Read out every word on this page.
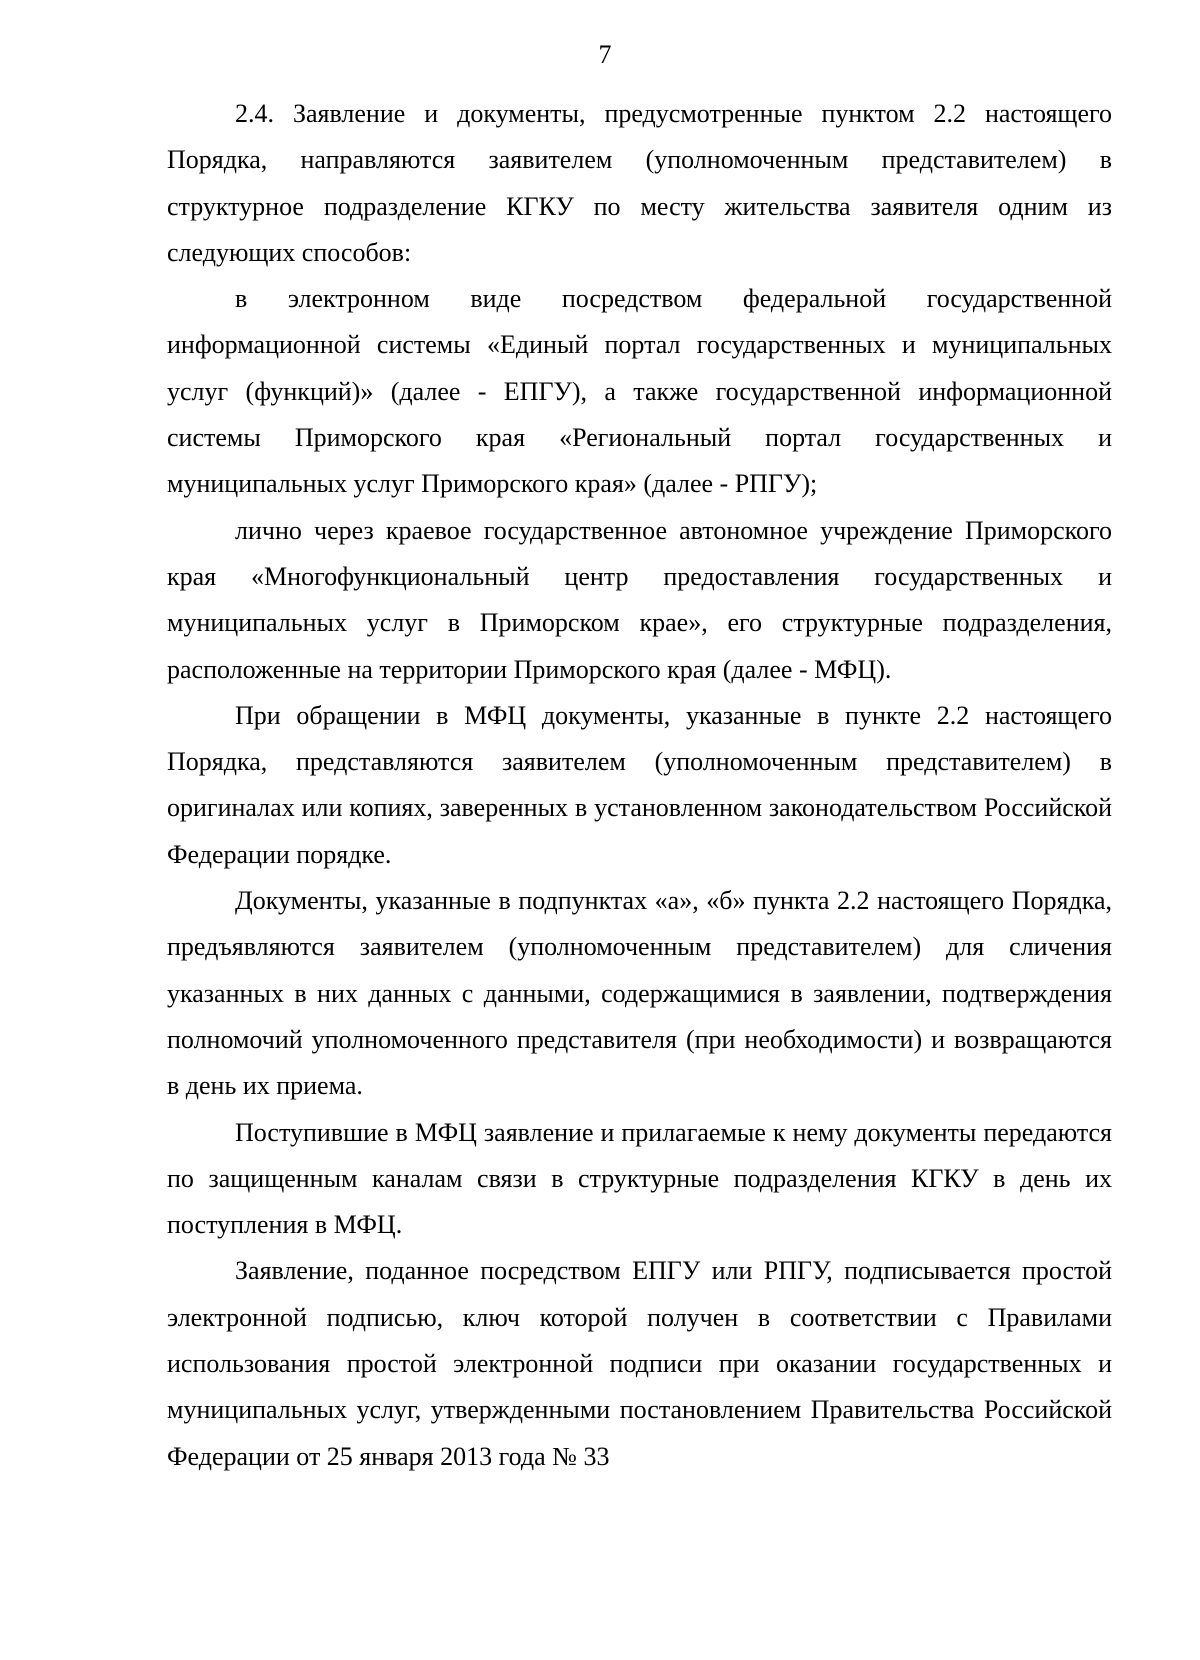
7

2.4. Заявление и документы, предусмотренные пунктом 2.2 настоящего Порядка, направляются заявителем (уполномоченным представителем) в структурное подразделение КГКУ по месту жительства заявителя одним из следующих способов:

в электронном виде посредством федеральной государственной информационной системы «Единый портал государственных и муниципальных услуг (функций)» (далее - ЕПГУ), а также государственной информационной системы Приморского края «Региональный портал государственных и муниципальных услуг Приморского края» (далее - РПГУ);

лично через краевое государственное автономное учреждение Приморского края «Многофункциональный центр предоставления государственных и муниципальных услуг в Приморском крае», его структурные подразделения, расположенные на территории Приморского края (далее - МФЦ).

При обращении в МФЦ документы, указанные в пункте 2.2 настоящего Порядка, представляются заявителем (уполномоченным представителем) в оригиналах или копиях, заверенных в установленном законодательством Российской Федерации порядке.

Документы, указанные в подпунктах «а», «б» пункта 2.2 настоящего Порядка, предъявляются заявителем (уполномоченным представителем) для сличения указанных в них данных с данными, содержащимися в заявлении, подтверждения полномочий уполномоченного представителя (при необходимости) и возвращаются в день их приема.

Поступившие в МФЦ заявление и прилагаемые к нему документы передаются по защищенным каналам связи в структурные подразделения КГКУ в день их поступления в МФЦ.

Заявление, поданное посредством ЕПГУ или РПГУ, подписывается простой электронной подписью, ключ которой получен в соответствии с Правилами использования простой электронной подписи при оказании государственных и муниципальных услуг, утвержденными постановлением Правительства Российской Федерации от 25 января 2013 года № 33
